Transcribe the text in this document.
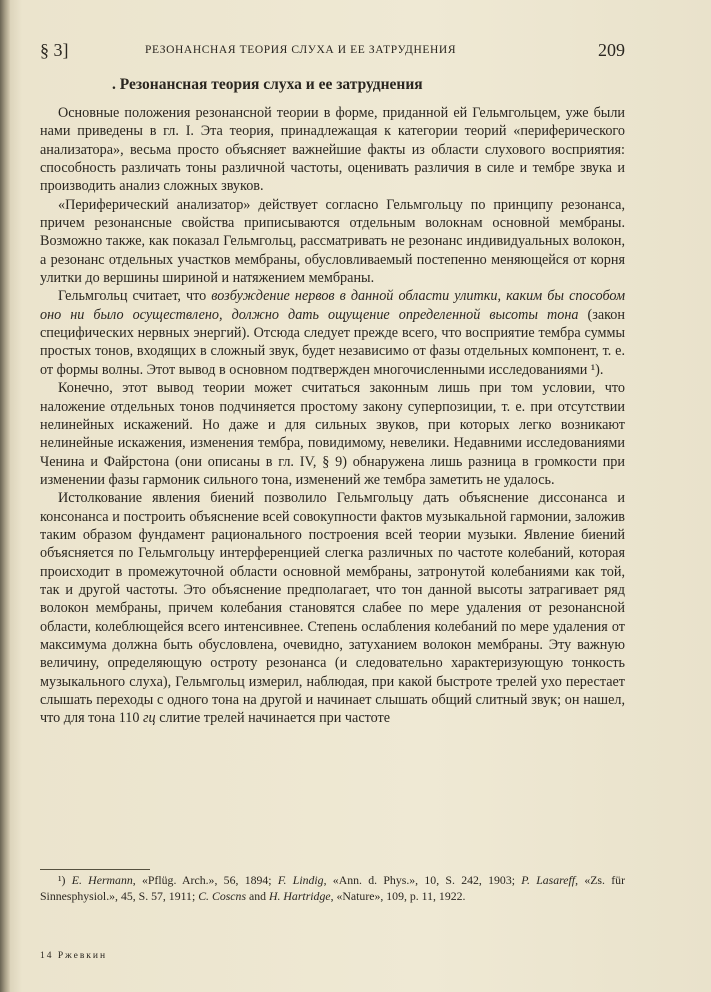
§ 3]	РЕЗОНАНСНАЯ ТЕОРИЯ СЛУХА И ЕЕ ЗАТРУДНЕНИЯ	209
. Резонансная теория слуха и ее затруднения

Основные положения резонансной теории в форме, приданной ей Гельмгольцем, уже были нами приведены в гл. I. Эта теория, принадлежащая к категории теорий «периферического анализатора», весьма просто объясняет важнейшие факты из области слухового восприятия: способность различать тоны различной частоты, оценивать различия в силе и тембре звука и производить анализ сложных звуков.

«Периферический анализатор» действует согласно Гельмгольцу по принципу резонанса, причем резонансные свойства приписываются отдельным волокнам основной мембраны. Возможно также, как показал Гельмгольц, рассматривать не резонанс индивидуальных волокон, а резонанс отдельных участков мембраны, обусловливаемый постепенно меняющейся от корня улитки до вершины шириной и натяжением мембраны.

Гельмгольц считает, что возбуждение нервов в данной области улитки, каким бы способом оно ни было осуществлено, должно дать ощущение определенной высоты тона (закон специфических нервных энергий). Отсюда следует прежде всего, что восприятие тембра суммы простых тонов, входящих в сложный звук, будет независимо от фазы отдельных компонент, т. е. от формы волны. Этот вывод в основном подтвержден многочисленными исследованиями ¹).

Конечно, этот вывод теории может считаться законным лишь при том условии, что наложение отдельных тонов подчиняется простому закону суперпозиции, т. е. при отсутствии нелинейных искажений. Но даже и для сильных звуков, при которых легко возникают нелинейные искажения, изменения тембра, повидимому, невелики. Недавними исследованиями Ченина и Файрстона (они описаны в гл. IV, § 9) обнаружена лишь разница в громкости при изменении фазы гармоник сильного тона, изменений же тембра заметить не удалось.

Истолкование явления биений позволило Гельмгольцу дать объяснение диссонанса и консонанса и построить объяснение всей совокупности фактов музыкальной гармонии, заложив таким образом фундамент рационального построения всей теории музыки. Явление биений объясняется по Гельмгольцу интерференцией слегка различных по частоте колебаний, которая происходит в промежуточной области основной мембраны, затронутой колебаниями как той, так и другой частоты. Это объяснение предполагает, что тон данной высоты затрагивает ряд волокон мембраны, причем колебания становятся слабее по мере удаления от резонансной области, колеблющейся всего интенсивнее. Степень ослабления колебаний по мере удаления от максимума должна быть обусловлена, очевидно, затуханием волокон мембраны. Эту важную величину, определяющую остроту резонанса (и следовательно характеризующую тонкость музыкального слуха), Гельмгольц измерил, наблюдая, при какой быстроте трелей ухо перестает слышать переходы с одного тона на другой и начинает слышать общий слитный звук; он нашел, что для тона 110 гц слитие трелей начинается при частоте

¹) E. Hermann, «Pflüg. Arch.», 56, 1894; F. Lindig, «Ann. d. Phys.», 10, S. 242, 1903; P. Lasareff, «Zs. für Sinnesphysiol.», 45, S. 57, 1911; C. Coscns and H. Hartridge, «Nature», 109, p. 11, 1922.

14 Ржевкин
